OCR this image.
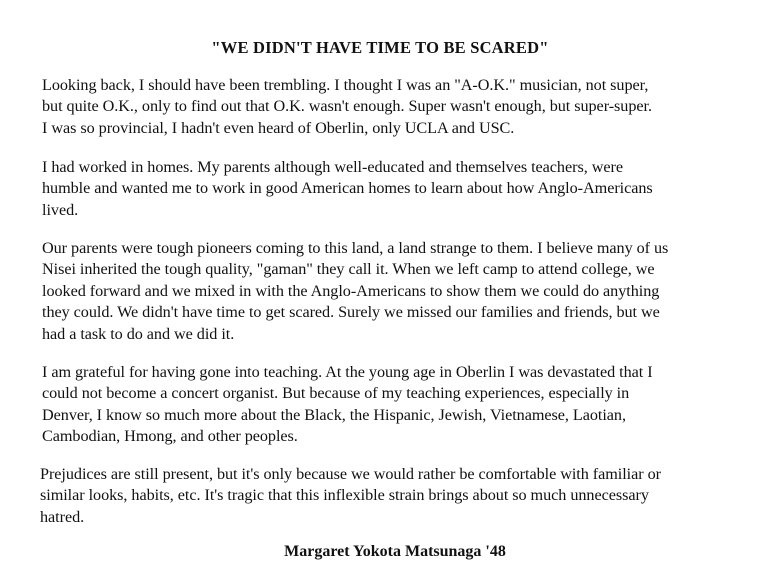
"WE DIDN'T HAVE TIME TO BE SCARED"
Looking back, I should have been trembling. I thought I was an "A-O.K." musician, not super,
but quite O.K., only to find out that O.K. wasn't enough. Super wasn't enough, but super-super.
I was so provincial, I hadn't even heard of Oberlin, only UCLA and USC.
I had worked in homes. My parents although well-educated and themselves teachers, were
humble and wanted me to work in good American homes to learn about how Anglo-Americans
lived.
Our parents were tough pioneers coming to this land, a land strange to them. I believe many of us
Nisei inherited the tough quality, "gaman" they call it. When we left camp to attend college, we
looked forward and we mixed in with the Anglo-Americans to show them we could do anything
they could. We didn't have time to get scared. Surely we missed our families and friends, but we
had a task to do and we did it.
I am grateful for having gone into teaching. At the young age in Oberlin I was devastated that I
could not become a concert organist. But because of my teaching experiences, especially in
Denver, I know so much more about the Black, the Hispanic, Jewish, Vietnamese, Laotian,
Cambodian, Hmong, and other peoples.
Prejudices are still present, but it's only because we would rather be comfortable with familiar or
similar looks, habits, etc. It's tragic that this inflexible strain brings about so much unnecessary
hatred.
Margaret Yokota Matsunaga '48
